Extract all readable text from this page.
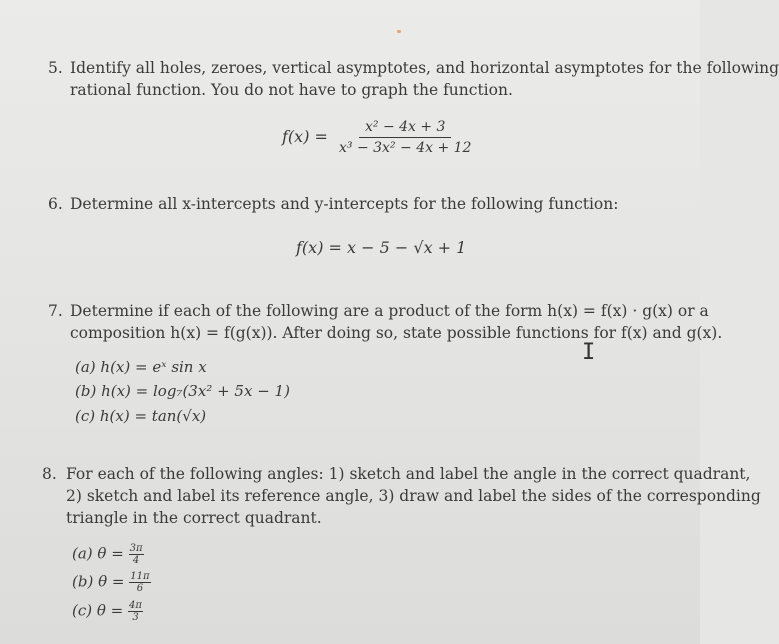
5. Identify all holes, zeroes, vertical asymptotes, and horizontal asymptotes for the following
rational function. You do not have to graph the function.
$f(x) = \frac{\text{x² − 4x + 3}}{\text{x³ − 3x² − 4x + 12}}$
6. Determine all x-intercepts and y-intercepts for the following function:
f(x) = x − 5 − √x + 1
7. Determine if each of the following are a product of the form h(x) = f(x) · g(x) or a
composition h(x) = f(g(x)). After doing so, state possible functions for f(x) and g(x).
(a) h(x) = eˣ sin x
(b) h(x) = log₇(3x² + 5x − 1)
(c) h(x) = tan(√x)
I
8. For each of the following angles: 1) sketch and label the angle in the correct quadrant,
2) sketch and label its reference angle, 3) draw and label the sides of the corresponding
triangle in the correct quadrant.
(a) $\theta = \frac{3\pi}{4}$
(b) $\theta = \frac{11\pi}{6}$
(c) $\theta = \frac{4\pi}{3}$
